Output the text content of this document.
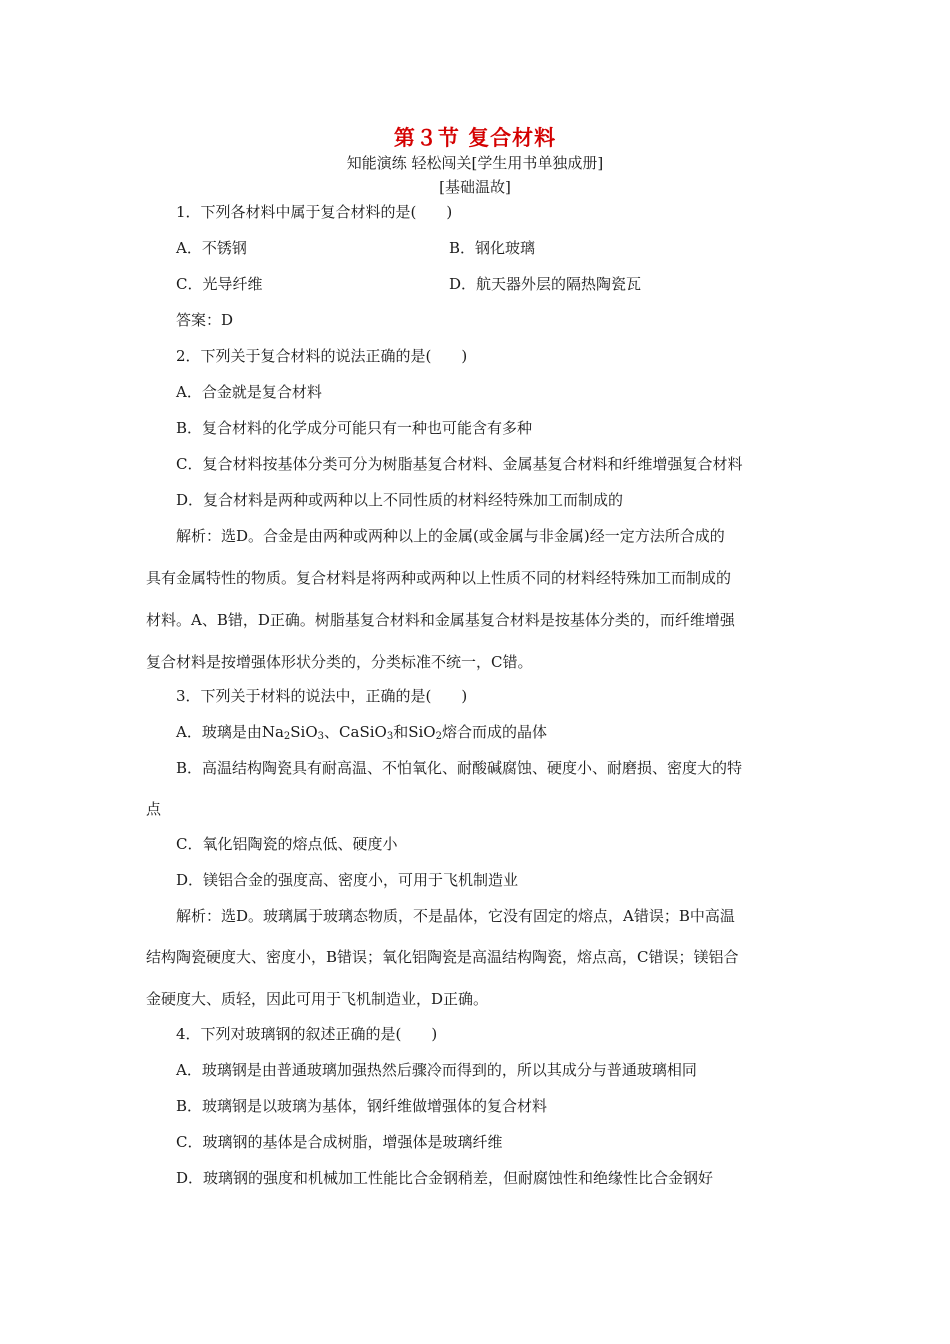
第３节 复合材料
知能演练 轻松闯关[学生用书单独成册]
[基础温故]
1．下列各材料中属于复合材料的是(　　)
A．不锈钢	B．钢化玻璃
C．光导纤维	D．航天器外层的隔热陶瓷瓦
答案：D
2．下列关于复合材料的说法正确的是(　　)
A．合金就是复合材料
B．复合材料的化学成分可能只有一种也可能含有多种
C．复合材料按基体分类可分为树脂基复合材料、金属基复合材料和纤维增强复合材料
D．复合材料是两种或两种以上不同性质的材料经特殊加工而制成的
解析：选D。合金是由两种或两种以上的金属(或金属与非金属)经一定方法所合成的
具有金属特性的物质。复合材料是将两种或两种以上性质不同的材料经特殊加工而制成的
材料。A、B错，D正确。树脂基复合材料和金属基复合材料是按基体分类的，而纤维增强
复合材料是按增强体形状分类的，分类标准不统一，C错。
3．下列关于材料的说法中，正确的是(　　)
A．玻璃是由$Na_2SiO_3$、CaSiO$_3$和SiO$_2$熔合而成的晶体
B．高温结构陶瓷具有耐高温、不怕氧化、耐酸碱腐蚀、硬度小、耐磨损、密度大的特
点
C．氧化铝陶瓷的熔点低、硬度小
D．镁铝合金的强度高、密度小，可用于飞机制造业
解析：选D。玻璃属于玻璃态物质，不是晶体，它没有固定的熔点，A错误；B中高温
结构陶瓷硬度大、密度小，B错误；氧化铝陶瓷是高温结构陶瓷，熔点高，C错误；镁铝合
金硬度大、质轻，因此可用于飞机制造业，D正确。
4．下列对玻璃钢的叙述正确的是(　　)
A．玻璃钢是由普通玻璃加强热然后骤冷而得到的，所以其成分与普通玻璃相同
B．玻璃钢是以玻璃为基体，钢纤维做增强体的复合材料
C．玻璃钢的基体是合成树脂，增强体是玻璃纤维
D．玻璃钢的强度和机械加工性能比合金钢稍差，但耐腐蚀性和绝缘性比合金钢好
